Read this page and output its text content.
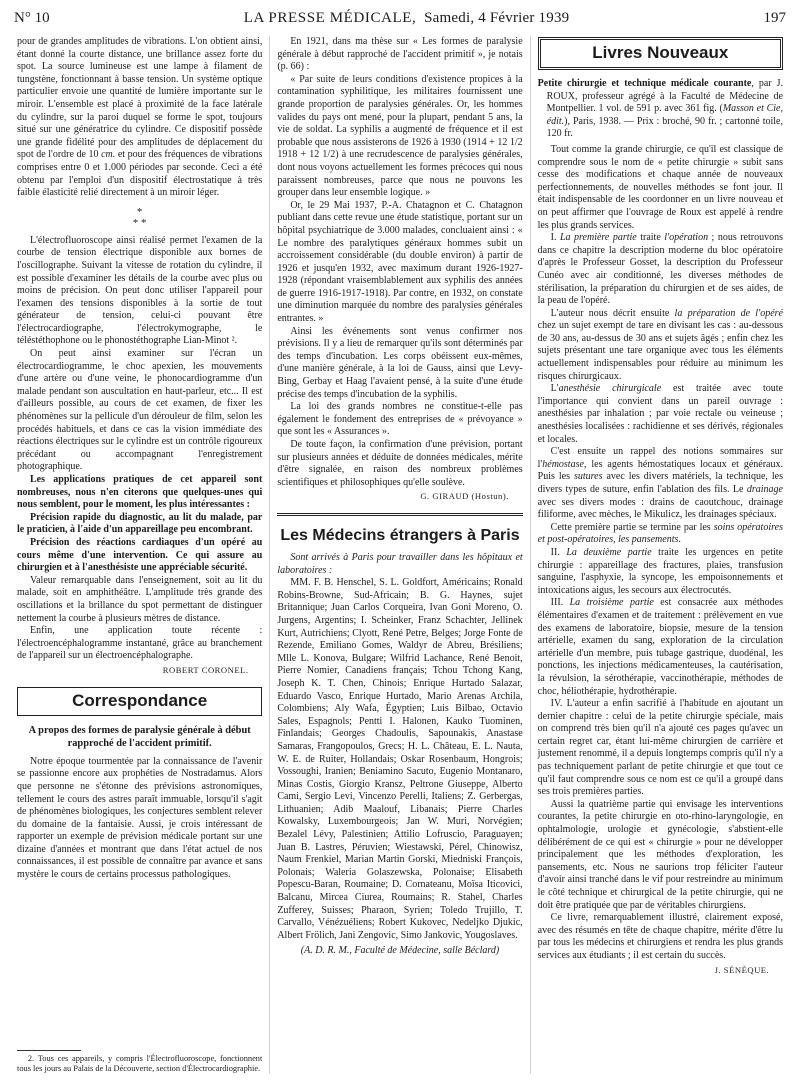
N° 10	LA PRESSE MÉDICALE, Samedi, 4 Février 1939	197

pour de grandes amplitudes de vibrations. L'on obtient ainsi, étant donné la courte distance, une brillance assez forte du spot. La source lumineuse est une lampe à filament de tungstène, fonctionnant à basse tension. Un système optique particulier envoie une quantité de lumière importante sur le miroir. L'ensemble est placé à proximité de la face latérale du cylindre, sur la paroi duquel se forme le spot, toujours situé sur une génératrice du cylindre. Ce dispositif possède une grande fidélité pour des amplitudes de déplacement du spot de l'ordre de 10 cm. et pour des fréquences de vibrations comprises entre 0 et 1.000 périodes par seconde. Ceci a été obtenu par l'emploi d'un dispositif électrostatique à très faible élasticité relié directement à un miroir léger.

*
* *

L'électrofluoroscope ainsi réalisé permet l'examen de la courbe de tension électrique disponible aux bornes de l'oscillographe. Suivant la vitesse de rotation du cylindre, il est possible d'examiner les détails de la courbe avec plus ou moins de précision. On peut donc utiliser l'appareil pour l'examen des tensions disponibles à la sortie de tout générateur de tension, celui-ci pouvant être l'électrocardiographe, l'électrokymographe, le téléstéthophone ou le phonostéthographe Lian-Minot ².

On peut ainsi examiner sur l'écran un électrocardiogramme, le choc apexien, les mouvements d'une artère ou d'une veine, le phonocardiogramme d'un malade pendant son auscultation en haut-parleur, etc... Il est d'ailleurs possible, au cours de cet examen, de fixer les phénomènes sur la pellicule d'un dérouleur de film, selon les procédés habituels, et dans ce cas la vision immédiate des réactions électriques sur le cylindre est un contrôle rigoureux précédant ou accompagnant l'enregistrement photographique.

Les applications pratiques de cet appareil sont nombreuses, nous n'en citerons que quelques-unes qui nous semblent, pour le moment, les plus intéressantes :

Précision rapide du diagnostic, au lit du malade, par le praticien, à l'aide d'un appareillage peu encombrant.

Précision des réactions cardiaques d'un opéré au cours même d'une intervention. Ce qui assure au chirurgien et à l'anesthésiste une appréciable sécurité.

Valeur remarquable dans l'enseignement, soit au lit du malade, soit en amphithéâtre. L'amplitude très grande des oscillations et la brillance du spot permettant de distinguer nettement la courbe à plusieurs mètres de distance.

Enfin, une application toute récente : l'électroencéphalogramme instantané, grâce au branchement de l'appareil sur un électroencéphalographe.

ROBERT CORONEL.
Correspondance
A propos des formes de paralysie générale à début rapproché de l'accident primitif.

Notre époque tourmentée par la connaissance de l'avenir se passionne encore aux prophéties de Nostradamus. Alors que personne ne s'étonne des prévisions astronomiques, tellement le cours des astres paraît immuable, lorsqu'il s'agit de phénomènes biologiques, les conjectures semblent relever du domaine de la fantaisie. Aussi, je crois intéressant de rapporter un exemple de prévision médicale portant sur une dizaine d'années et montrant que dans l'état actuel de nos connaissances, il est possible de connaître par avance et sans mystère le cours de certains processus pathologiques.

2. Tous ces appareils, y compris l'Électrofluoroscope, fonctionnent tous les jours au Palais de la Découverte, section d'Électrocardiographie.

En 1921, dans ma thèse sur « Les formes de paralysie générale à début rapproché de l'accident primitif », je notais (p. 66) :

« Par suite de leurs conditions d'existence propices à la contamination syphilitique, les militaires fournissent une grande proportion de paralysies générales. Or, les hommes valides du pays ont mené, pour la plupart, pendant 5 ans, la vie de soldat. La syphilis a augmenté de fréquence et il est probable que nous assisterons de 1926 à 1930 (1914 + 12 1/2 1918 + 12 1/2) à une recrudescence de paralysies générales, dont nous voyons actuellement les formes précoces qui nous paraissent nombreuses, parce que nous ne pouvons les grouper dans leur ensemble logique. »

Or, le 29 Mai 1937, P.-A. Chatagnon et C. Chatagnon publiant dans cette revue une étude statistique, portant sur un hôpital psychiatrique de 3.000 malades, concluaient ainsi : « Le nombre des paralytiques généraux hommes subit un accroissement considérable (du double environ) à partir de 1926 et jusqu'en 1932, avec maximum durant 1926-1927-1928 (répondant vraisemblablement aux syphilis des années de guerre 1916-1917-1918). Par contre, en 1932, on constate une diminution marquée du nombre des paralysies générales entrantes. »

Ainsi les événements sont venus confirmer nos prévisions. Il y a lieu de remarquer qu'ils sont déterminés par des temps d'incubation. Les corps obéissent eux-mêmes, d'une manière générale, à la loi de Gauss, ainsi que Levy-Bing, Gerbay et Haag l'avaient pensé, à la suite d'une étude précise des temps d'incubation de la syphilis.

La loi des grands nombres ne constitue-t-elle pas également le fondement des entreprises de « prévoyance » que sont les « Assurances ».

De toute façon, la confirmation d'une prévision, portant sur plusieurs années et déduite de données médicales, mérite d'être signalée, en raison des nombreux problèmes scientifiques et philosophiques qu'elle soulève.

G. GIRAUD (Hostun).
Les Médecins étrangers à Paris

Sont arrivés à Paris pour travailler dans les hôpitaux et laboratoires :

MM. F. B. Henschel, S. L. Goldfort, Américains; Ronald Robins-Browne, Sud-Africain; B. G. Haynes, sujet Britannique; Juan Carlos Corqueira, Ivan Goni Moreno, O. Jurgens, Argentins; I. Scheinker, Franz Schachter, Jellinek Kurt, Autrichiens; Clyott, René Petre, Belges; Jorge Fonte de Rezende, Emiliano Gomes, Waldyr de Abreu, Brésiliens; Mlle L. Konova, Bulgare; Wilfrid Lachance, René Benoit, Pierre Nomier, Canadiens français; Tchou Tchong Kang, Joseph K. T. Chen, Chinois; Enrique Hurtado Salazar, Eduardo Vasco, Enrique Hurtado, Mario Arenas Archila, Colombiens; Aly Wafa, Égyptien; Luis Bilbao, Octavio Sales, Espagnols; Pentti I. Halonen, Kauko Tuominen, Finlandais; Georges Chadoulis, Sapounakis, Anastase Samaras, Frangopoulos, Grecs; H. L. Château, E. L. Nauta, W. E. de Ruiter, Hollandais; Oskar Rosenbaum, Hongrois; Vossoughi, Iranien; Beniamino Sacuto, Eugenio Montanaro, Minas Costis, Giorgio Kransz, Peltrone Giuseppe, Alberto Cami, Sergio Levi, Vincenzo Perelli, Italiens; Z. Gerbergas, Lithuanien; Adib Maalouf, Libanais; Pierre Charles Kowalsky, Luxembourgeois; Jan W. Muri, Norvégien; Bezalel Lévy, Palestinien; Attilio Lofruscio, Paraguayen; Juan B. Lastres, Péruvien; Wiestawski, Pérel, Chinowisz, Naum Frenkiel, Marian Martin Gorski, Miedniski François, Polonais; Waleria Golaszewska, Polonaise; Elisabeth Popescu-Baran, Roumaine; D. Cornateanu, Moïsa Iticovici, Balcanu, Mircea Ciurea, Roumains; R. Stahel, Charles Zufferey, Suisses; Pharaon, Syrien; Toledo Trujillo, T. Carvallo, Vénézuéliens; Robert Kukovec, Nedeljko Djukic, Albert Frölich, Jani Zengovic, Simo Jankovic, Yougoslaves.

(A. D. R. M., Faculté de Médecine, salle Béclard)
Livres Nouveaux

Petite chirurgie et technique médicale courante, par J. ROUX, professeur agrégé à la Faculté de Médecine de Montpellier. 1 vol. de 591 p. avec 361 fig. (Masson et Cie, édit.), Paris, 1938. — Prix : broché, 90 fr. ; cartonné toile, 120 fr.

Tout comme la grande chirurgie, ce qu'il est classique de comprendre sous le nom de « petite chirurgie » subit sans cesse des modifications et chaque année de nouveaux perfectionnements, de nouvelles méthodes se font jour. Il était indispensable de les coordonner en un livre nouveau et on peut affirmer que l'ouvrage de Roux est appelé à rendre les plus grands services.

I. La première partie traite l'opération ; nous retrouvons dans ce chapitre la description moderne du bloc opératoire d'après le Professeur Gosset, la description du Professeur Cunéo avec air conditionné, les diverses méthodes de stérilisation, la préparation du chirurgien et de ses aides, de la peau de l'opéré.

L'auteur nous décrit ensuite la préparation de l'opéré chez un sujet exempt de tare en divisant les cas : au-dessous de 30 ans, au-dessus de 30 ans et sujets âgés ; enfin chez les sujets présentant une tare organique avec tous les éléments actuellement indispensables pour réduire au minimum les risques chirurgicaux.

L'anesthésie chirurgicale est traitée avec toute l'importance qui convient dans un pareil ouvrage : anesthésies par inhalation ; par voie rectale ou veineuse ; anesthésies localisées : rachidienne et ses dérivés, régionales et locales.

C'est ensuite un rappel des notions sommaires sur l'hémostase, les agents hémostatiques locaux et généraux. Puis les sutures avec les divers matériels, la technique, les divers types de suture, enfin l'ablation des fils. Le drainage avec ses divers modes : drains de caoutchouc, drainage filiforme, avec mèches, le Mikulicz, les drainages spéciaux.

Cette première partie se termine par les soins opératoires et post-opératoires, les pansements.

II. La deuxième partie traite les urgences en petite chirurgie : appareillage des fractures, plaies, transfusion sanguine, l'asphyxie, la syncope, les empoisonnements et intoxications aigus, les secours aux électrocutés.

III. La troisième partie est consacrée aux méthodes élémentaires d'examen et de traitement : prélèvement en vue des examens de laboratoire, biopsie, mesure de la tension artérielle, examen du sang, exploration de la circulation artérielle d'un membre, puis tubage gastrique, duodénal, les ponctions, les injections médicamenteuses, la cautérisation, la révulsion, la sérothérapie, vaccinothérapie, méthodes de choc, héliothérapie, hydrothérapie.

IV. L'auteur a enfin sacrifié à l'habitude en ajoutant un dernier chapitre : celui de la petite chirurgie spéciale, mais on comprend très bien qu'il n'a ajouté ces pages qu'avec un certain regret car, étant lui-même chirurgien de carrière et justement renommé, il a depuis longtemps compris qu'il n'y a pas techniquement parlant de petite chirurgie et que tout ce qu'il faut comprendre sous ce nom est ce qu'il a groupé dans ses trois premières parties.

Aussi la quatrième partie qui envisage les interventions courantes, la petite chirurgie en oto-rhino-laryngologie, en ophtalmologie, urologie et gynécologie, s'abstient-elle délibérément de ce qui est « chirurgie » pour ne développer principalement que les méthodes d'exploration, les pansements, etc. Nous ne saurions trop féliciter l'auteur d'avoir ainsi tranché dans le vif pour restreindre au minimum le côté technique et chirurgical de la petite chirurgie, qui ne doit être pratiquée que par de véritables chirurgiens.

Ce livre, remarquablement illustré, clairement exposé, avec des résumés en tête de chaque chapitre, mérite d'être lu par tous les médecins et chirurgiens et rendra les plus grands services aux étudiants ; il est certain du succès.

J. SÉNÈQUE.
